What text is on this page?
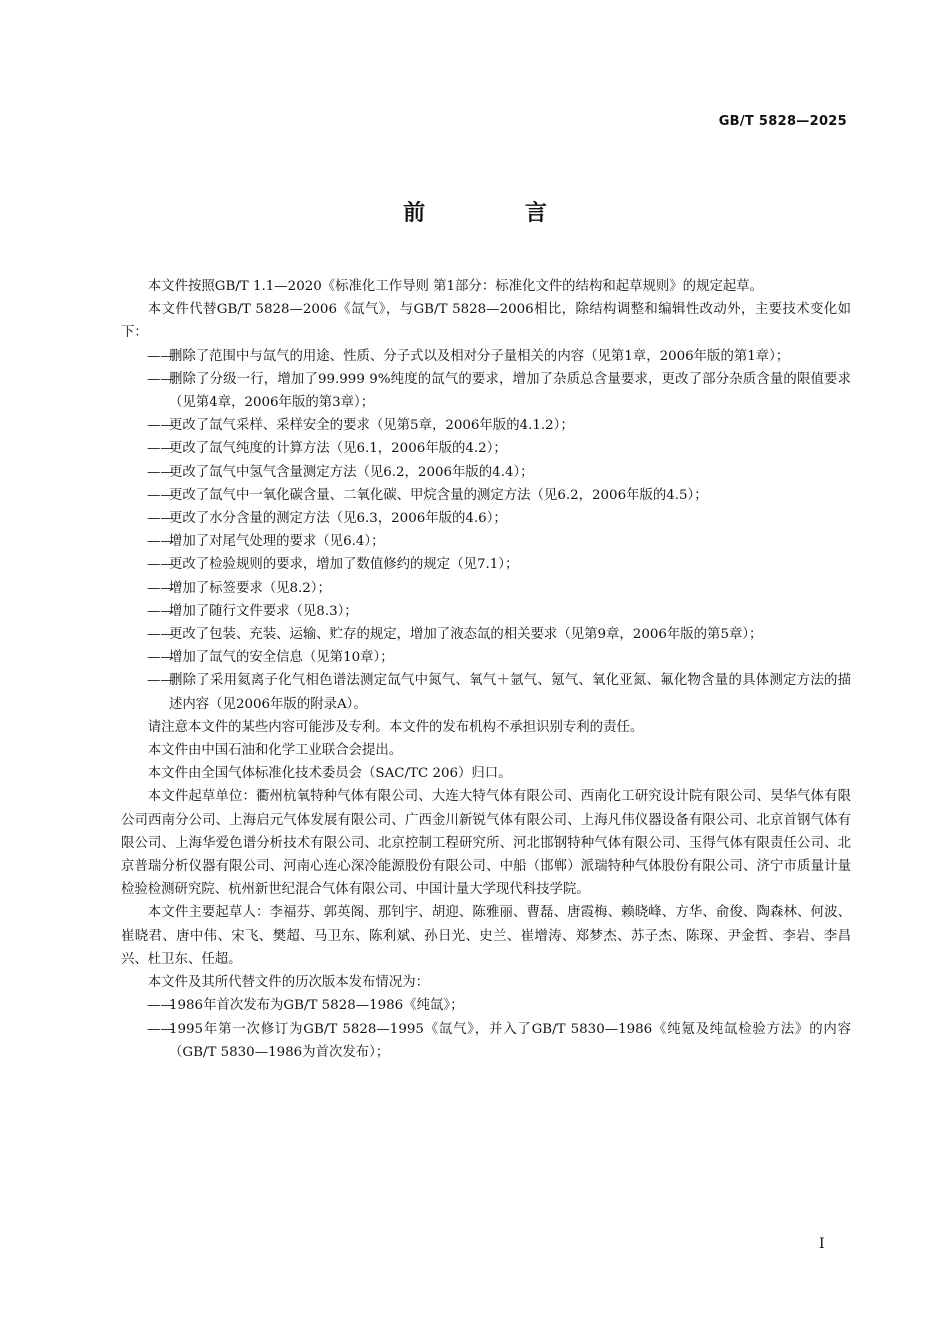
GB/T 5828—2025
前 言

本文件按照GB/T 1.1—2020《标准化工作导则 第1部分：标准化文件的结构和起草规则》的规定起草。

本文件代替GB/T 5828—2006《氙气》，与GB/T 5828—2006相比，除结构调整和编辑性改动外，主要技术变化如下：

——
删除了范围中与氙气的用途、性质、分子式以及相对分子量相关的内容（见第1章，2006年版的第1章）；

——
删除了分级一行，增加了99.999 9%纯度的氙气的要求，增加了杂质总含量要求，更改了部分杂质含量的限值要求（见第4章，2006年版的第3章）；

——
更改了氙气采样、采样安全的要求（见第5章，2006年版的4.1.2）；

——
更改了氙气纯度的计算方法（见6.1，2006年版的4.2）；

——
更改了氙气中氢气含量测定方法（见6.2，2006年版的4.4）；

——
更改了氙气中一氧化碳含量、二氧化碳、甲烷含量的测定方法（见6.2，2006年版的4.5）；

——
更改了水分含量的测定方法（见6.3，2006年版的4.6）；

——
增加了对尾气处理的要求（见6.4）；

——
更改了检验规则的要求，增加了数值修约的规定（见7.1）；

——
增加了标签要求（见8.2）；

——
增加了随行文件要求（见8.3）；

——
更改了包装、充装、运输、贮存的规定，增加了液态氙的相关要求（见第9章，2006年版的第5章）；

——
增加了氙气的安全信息（见第10章）；

——
删除了采用氦离子化气相色谱法测定氙气中氮气、氧气＋氩气、氪气、氧化亚氮、氟化物含量的具体测定方法的描述内容（见2006年版的附录A）。

请注意本文件的某些内容可能涉及专利。本文件的发布机构不承担识别专利的责任。

本文件由中国石油和化学工业联合会提出。

本文件由全国气体标准化技术委员会（SAC/TC 206）归口。

本文件起草单位：衢州杭氧特种气体有限公司、大连大特气体有限公司、西南化工研究设计院有限公司、昊华气体有限公司西南分公司、上海启元气体发展有限公司、广西金川新锐气体有限公司、上海凡伟仪器设备有限公司、北京首钢气体有限公司、上海华爱色谱分析技术有限公司、北京控制工程研究所、河北邯钢特种气体有限公司、玉得气体有限责任公司、北京普瑞分析仪器有限公司、河南心连心深冷能源股份有限公司、中船（邯郸）派瑞特种气体股份有限公司、济宁市质量计量检验检测研究院、杭州新世纪混合气体有限公司、中国计量大学现代科技学院。

本文件主要起草人：李福芬、郭英阁、那钊宇、胡迎、陈雅丽、曹磊、唐霞梅、赖晓峰、方华、俞俊、陶森林、何波、崔晓君、唐中伟、宋飞、樊超、马卫东、陈利斌、孙日光、史兰、崔增涛、郑梦杰、苏子杰、陈琛、尹金哲、李岩、李昌兴、杜卫东、任超。

本文件及其所代替文件的历次版本发布情况为：

——
1986年首次发布为GB/T 5828—1986《纯氙》；

——
1995年第一次修订为GB/T 5828—1995《氙气》，并入了GB/T 5830—1986《纯氪及纯氙检验方法》的内容（GB/T 5830—1986为首次发布）；

I
